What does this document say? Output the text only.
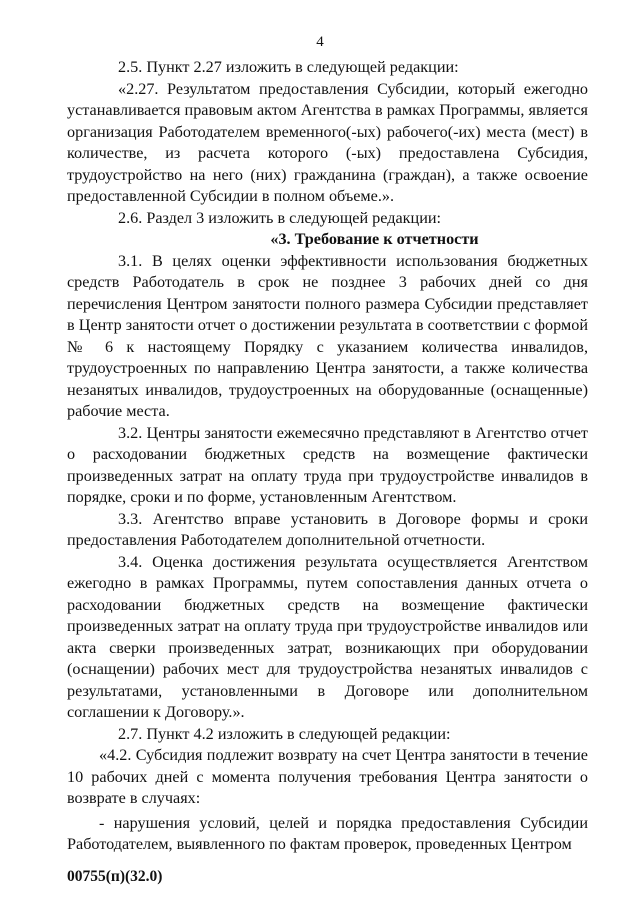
4

2.5. Пункт 2.27 изложить в следующей редакции:

«2.27. Результатом предоставления Субсидии, который ежегодно устанавливается правовым актом Агентства в рамках Программы, является организация Работодателем временного(-ых) рабочего(-их) места (мест) в количестве, из расчета которого (-ых) предоставлена Субсидия, трудоустройство на него (них) гражданина (граждан), а также освоение предоставленной Субсидии в полном объеме.».

2.6. Раздел 3 изложить в следующей редакции:

«3. Требование к отчетности

3.1. В целях оценки эффективности использования бюджетных средств Работодатель в срок не позднее 3 рабочих дней со дня перечисления Центром занятости полного размера Субсидии представляет в Центр занятости отчет о достижении результата в соответствии с формой № 6 к настоящему Порядку с указанием количества инвалидов, трудоустроенных по направлению Центра занятости, а также количества незанятых инвалидов, трудоустроенных на оборудованные (оснащенные) рабочие места.

3.2. Центры занятости ежемесячно представляют в Агентство отчет о расходовании бюджетных средств на возмещение фактически произведенных затрат на оплату труда при трудоустройстве инвалидов в порядке, сроки и по форме, установленным Агентством.

3.3. Агентство вправе установить в Договоре формы и сроки предоставления Работодателем дополнительной отчетности.

3.4. Оценка достижения результата осуществляется Агентством ежегодно в рамках Программы, путем сопоставления данных отчета о расходовании бюджетных средств на возмещение фактически произведенных затрат на оплату труда при трудоустройстве инвалидов или акта сверки произведенных затрат, возникающих при оборудовании (оснащении) рабочих мест для трудоустройства незанятых инвалидов с результатами, установленными в Договоре или дополнительном соглашении к Договору.».

2.7. Пункт 4.2 изложить в следующей редакции:

«4.2. Субсидия подлежит возврату на счет Центра занятости в течение 10 рабочих дней с момента получения требования Центра занятости о возврате в случаях:

- нарушения условий, целей и порядка предоставления Субсидии Работодателем, выявленного по фактам проверок, проведенных Центром

00755(п)(32.0)
